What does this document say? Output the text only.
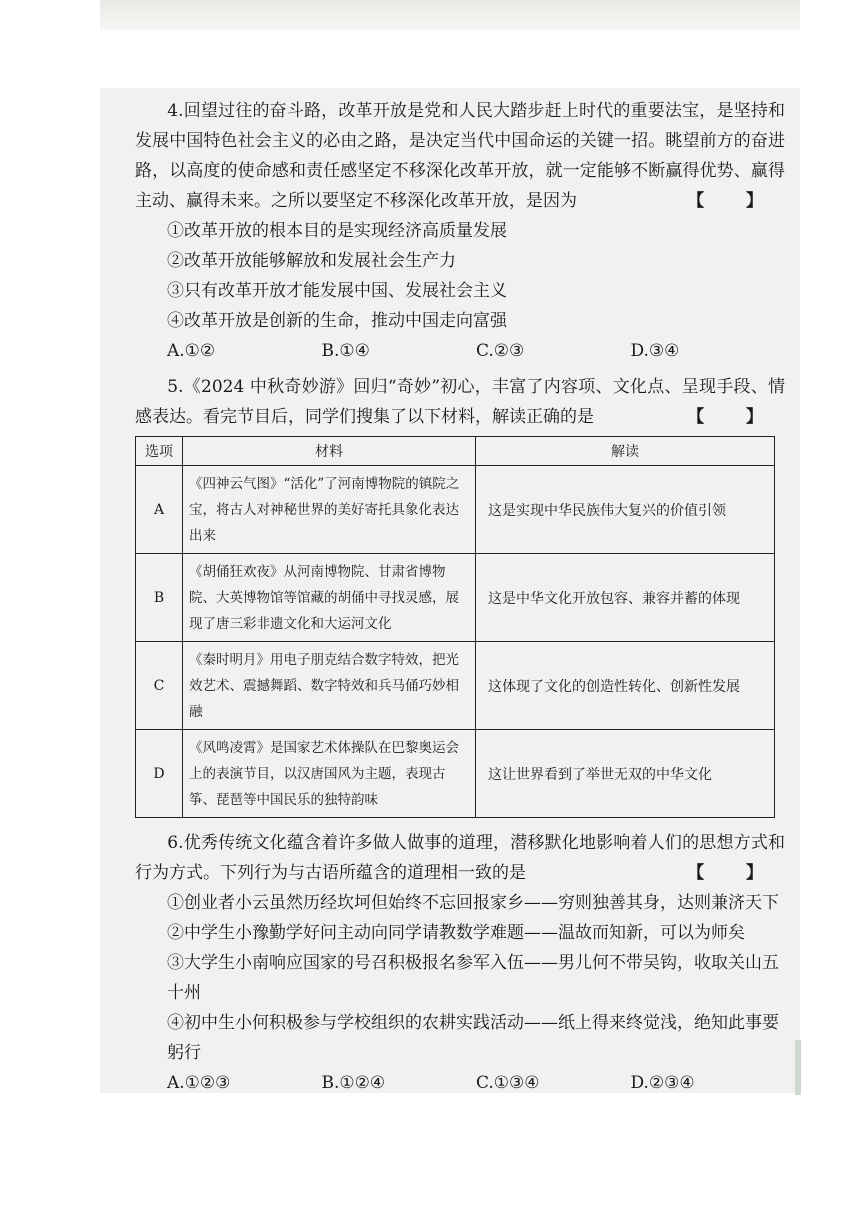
4.回望过往的奋斗路，改革开放是党和人民大踏步赶上时代的重要法宝，是坚持和发展中国特色社会主义的必由之路，是决定当代中国命运的关键一招。眺望前方的奋进路，以高度的使命感和责任感坚定不移深化改革开放，就一定能够不断赢得优势、赢得主动、赢得未来。之所以要坚定不移深化改革开放，是因为	【 】

①改革开放的根本目的是实现经济高质量发展

②改革开放能够解放和发展社会生产力

③只有改革开放才能发展中国、发展社会主义

④改革开放是创新的生命，推动中国走向富强

A.①②	B.①④	C.②③	D.③④

5.《2024 中秋奇妙游》回归“奇妙”初心，丰富了内容项、文化点、呈现手段、情感表达。看完节目后，同学们搜集了以下材料，解读正确的是	【 】

选项	材料	解读
A	《四神云气图》“活化”了河南博物院的镇院之宝，将古人对神秘世界的美好寄托具象化表达出来	这是实现中华民族伟大复兴的价值引领
B	《胡俑狂欢夜》从河南博物院、甘肃省博物院、大英博物馆等馆藏的胡俑中寻找灵感，展现了唐三彩非遗文化和大运河文化	这是中华文化开放包容、兼容并蓄的体现
C	《秦时明月》用电子朋克结合数字特效，把光效艺术、震撼舞蹈、数字特效和兵马俑巧妙相融	这体现了文化的创造性转化、创新性发展
D	《风鸣凌霄》是国家艺术体操队在巴黎奥运会上的表演节目，以汉唐国风为主题，表现古筝、琵琶等中国民乐的独特韵味	这让世界看到了举世无双的中华文化

6.优秀传统文化蕴含着许多做人做事的道理，潜移默化地影响着人们的思想方式和行为方式。下列行为与古语所蕴含的道理相一致的是	【 】

①创业者小云虽然历经坎坷但始终不忘回报家乡——穷则独善其身，达则兼济天下

②中学生小豫勤学好问主动向同学请教数学难题——温故而知新，可以为师矣

③大学生小南响应国家的号召积极报名参军入伍——男儿何不带吴钩，收取关山五十州

④初中生小何积极参与学校组织的农耕实践活动——纸上得来终觉浅，绝知此事要躬行

A.①②③	B.①②④	C.①③④	D.②③④
